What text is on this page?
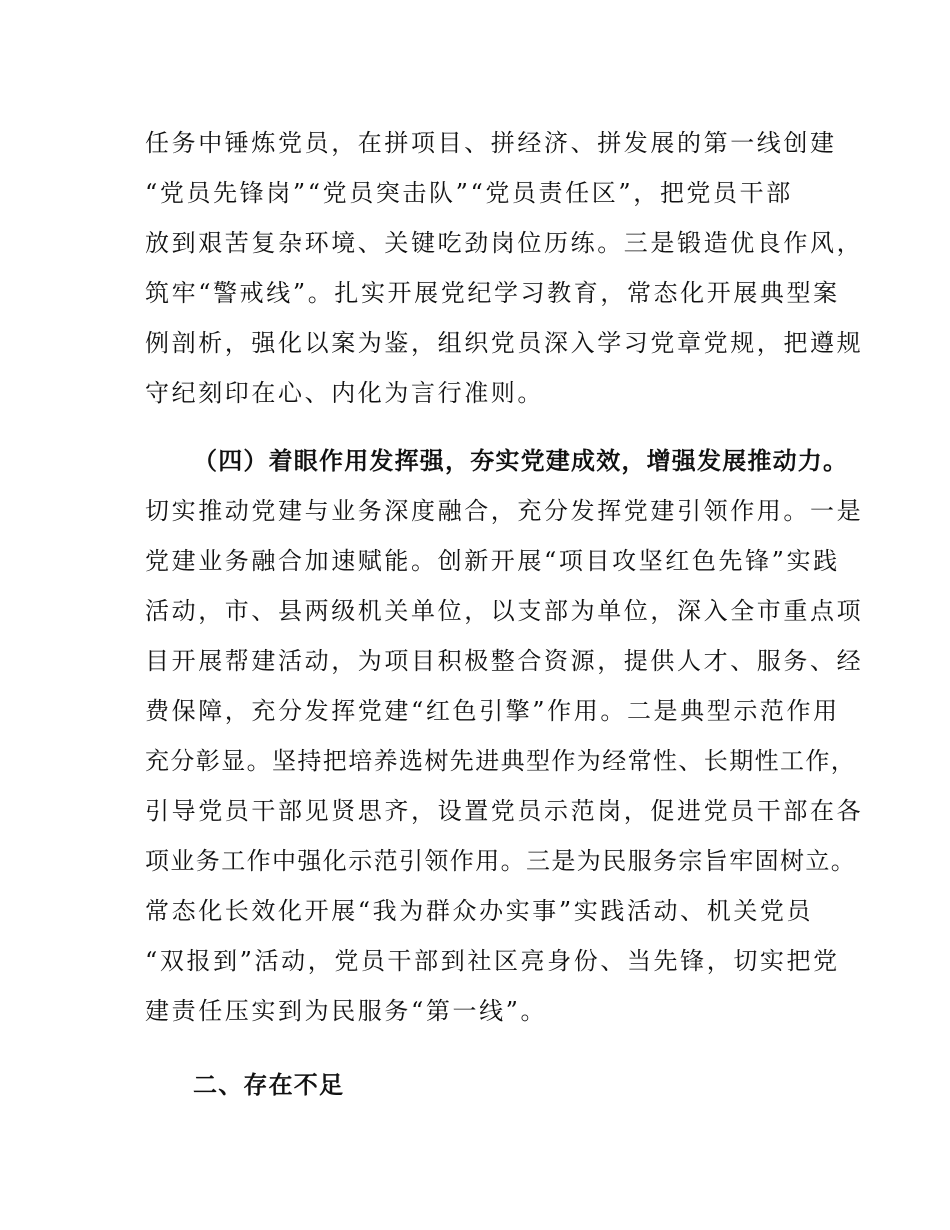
任务中锤炼党员，在拼项目、拼经济、拼发展的第一线创建
“党员先锋岗”“党员突击队”“党员责任区”，把党员干部
放到艰苦复杂环境、关键吃劲岗位历练。三是锻造优良作风，
筑牢“警戒线”。扎实开展党纪学习教育，常态化开展典型案
例剖析，强化以案为鉴，组织党员深入学习党章党规，把遵规
守纪刻印在心、内化为言行准则。
（四）着眼作用发挥强，夯实党建成效，增强发展推动力。
切实推动党建与业务深度融合，充分发挥党建引领作用。一是
党建业务融合加速赋能。创新开展“项目攻坚红色先锋”实践
活动，市、县两级机关单位，以支部为单位，深入全市重点项
目开展帮建活动，为项目积极整合资源，提供人才、服务、经
费保障，充分发挥党建“红色引擎”作用。二是典型示范作用
充分彰显。坚持把培养选树先进典型作为经常性、长期性工作，
引导党员干部见贤思齐，设置党员示范岗，促进党员干部在各
项业务工作中强化示范引领作用。三是为民服务宗旨牢固树立。
常态化长效化开展“我为群众办实事”实践活动、机关党员
“双报到”活动，党员干部到社区亮身份、当先锋，切实把党
建责任压实到为民服务“第一线”。
二、存在不足
